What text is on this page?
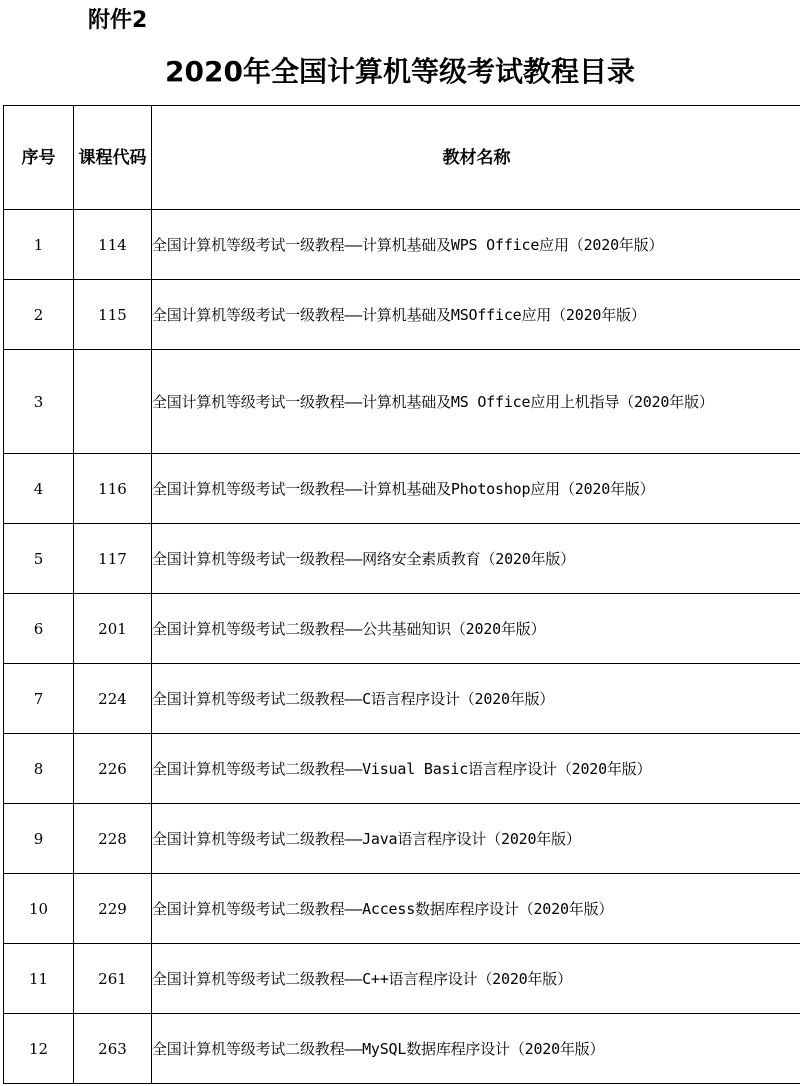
附件2
2020年全国计算机等级考试教程目录
序号	课程代码	教材名称
1	114	全国计算机等级考试一级教程——计算机基础及WPS Office应用（2020年版）
2	115	全国计算机等级考试一级教程——计算机基础及MSOffice应用（2020年版）
3		全国计算机等级考试一级教程——计算机基础及MS Office应用上机指导（2020年版）
4	116	全国计算机等级考试一级教程——计算机基础及Photoshop应用（2020年版）
5	117	全国计算机等级考试一级教程——网络安全素质教育（2020年版）
6	201	全国计算机等级考试二级教程——公共基础知识（2020年版）
7	224	全国计算机等级考试二级教程——C语言程序设计（2020年版）
8	226	全国计算机等级考试二级教程——Visual Basic语言程序设计（2020年版）
9	228	全国计算机等级考试二级教程——Java语言程序设计（2020年版）
10	229	全国计算机等级考试二级教程——Access数据库程序设计（2020年版）
11	261	全国计算机等级考试二级教程——C++语言程序设计（2020年版）
12	263	全国计算机等级考试二级教程——MySQL数据库程序设计（2020年版）
